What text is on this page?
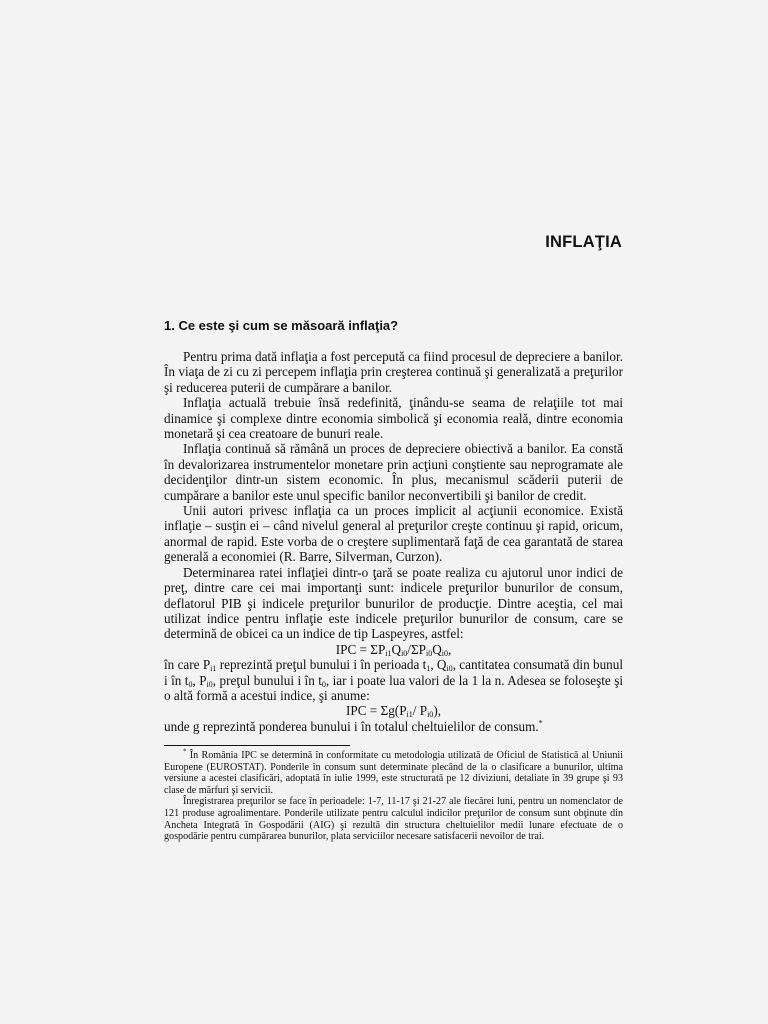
INFLAŢIA
1. Ce este şi cum se măsoară inflaţia?

Pentru prima dată inflaţia a fost percepută ca fiind procesul de depreciere a banilor. În viaţa de zi cu zi percepem inflaţia prin creşterea continuă şi generalizată a preţurilor şi reducerea puterii de cumpărare a banilor.

Inflaţia actuală trebuie însă redefinită, ţinându-se seama de relaţiile tot mai dinamice şi complexe dintre economia simbolică şi economia reală, dintre economia monetară şi cea creatoare de bunuri reale.

Inflaţia continuă să rămână un proces de depreciere obiectivă a banilor. Ea constă în devalorizarea instrumentelor monetare prin acţiuni conştiente sau neprogramate ale decidenţilor dintr-un sistem economic. În plus, mecanismul scăderii puterii de cumpărare a banilor este unul specific banilor neconvertibili şi banilor de credit.

Unii autori privesc inflaţia ca un proces implicit al acţiunii economice. Există inflaţie – susţin ei – când nivelul general al preţurilor creşte continuu şi rapid, oricum, anormal de rapid. Este vorba de o creştere suplimentară faţă de cea garantată de starea generală a economiei (R. Barre, Silverman, Curzon).

Determinarea ratei inflaţiei dintr-o ţară se poate realiza cu ajutorul unor indici de preţ, dintre care cei mai importanţi sunt: indicele preţurilor bunurilor de consum, deflatorul PIB şi indicele preţurilor bunurilor de producţie. Dintre aceştia, cel mai utilizat indice pentru inflaţie este indicele preţurilor bunurilor de consum, care se determină de obicei ca un indice de tip Laspeyres, astfel:

IPC = $\Sigma P_{i1}Q_{i0}/\Sigma P_{i0}Q_{i0}$,

în care $P_{i1}$ reprezintă preţul bunului i în perioada $t_1$, $Q_{i0}$, cantitatea consumată din bunul i în $t_0$, $P_{i0}$, preţul bunului i în $t_0$, iar i poate lua valori de la 1 la n. Adesea se foloseşte şi o altă formă a acestui indice, şi anume:

IPC = $\Sigma g(P_{i1}/$ $P_{i0}$),

unde g reprezintă ponderea bunului i în totalul cheltuielilor de consum.*

* În România IPC se determină în conformitate cu metodologia utilizată de Oficiul de Statistică al Uniunii Europene (EUROSTAT). Ponderile în consum sunt determinate plecând de la o clasificare a bunurilor, ultima versiune a acestei clasificări, adoptată în iulie 1999, este structurată pe 12 diviziuni, detaliate în 39 grupe şi 93 clase de mărfuri şi servicii.

Înregistrarea preţurilor se face în perioadele: 1-7, 11-17 şi 21-27 ale fiecărei luni, pentru un nomenclator de 121 produse agroalimentare. Ponderile utilizate pentru calculul indicilor preţurilor de consum sunt obţinute din Ancheta Integrată în Gospodării (AIG) şi rezultă din structura cheltuielilor medii lunare efectuate de o gospodărie pentru cumpărarea bunurilor, plata serviciilor necesare satisfacerii nevoilor de trai.
